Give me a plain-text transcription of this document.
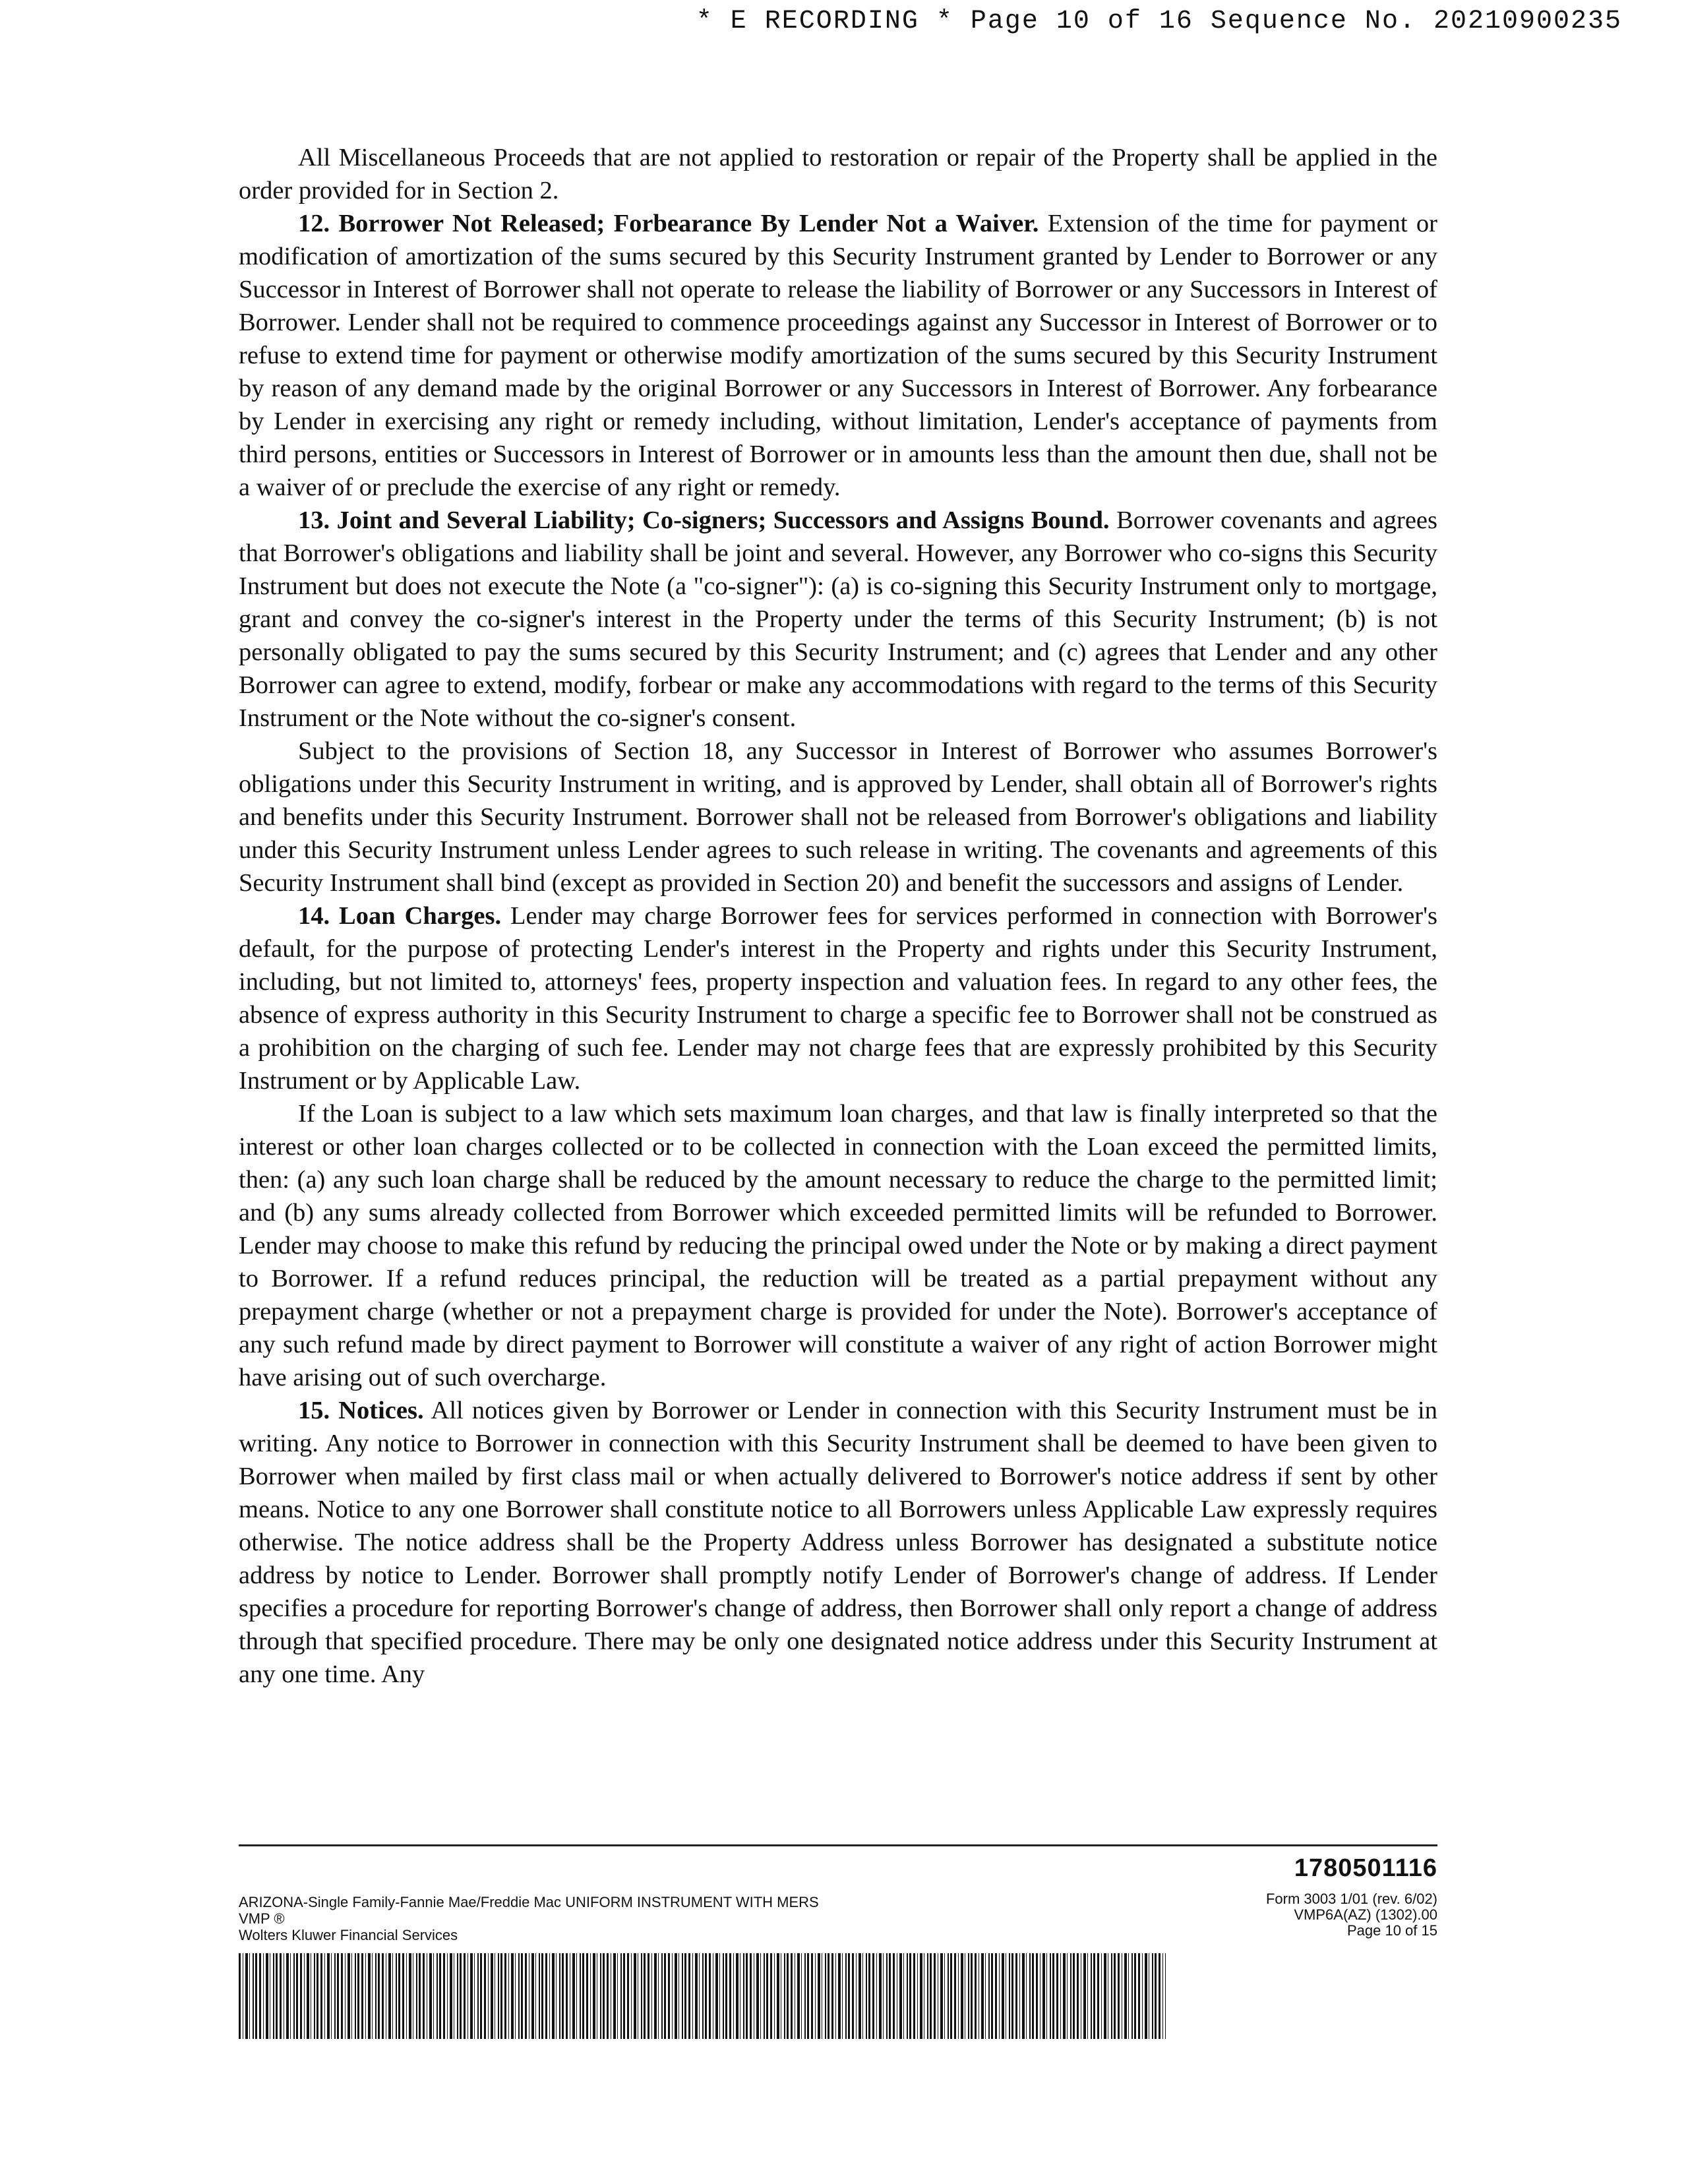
* E RECORDING * Page 10 of 16 Sequence No. 20210900235

All Miscellaneous Proceeds that are not applied to restoration or repair of the Property shall be applied in the order provided for in Section 2.

12. Borrower Not Released; Forbearance By Lender Not a Waiver. Extension of the time for payment or modification of amortization of the sums secured by this Security Instrument granted by Lender to Borrower or any Successor in Interest of Borrower shall not operate to release the liability of Borrower or any Successors in Interest of Borrower. Lender shall not be required to commence proceedings against any Successor in Interest of Borrower or to refuse to extend time for payment or otherwise modify amortization of the sums secured by this Security Instrument by reason of any demand made by the original Borrower or any Successors in Interest of Borrower. Any forbearance by Lender in exercising any right or remedy including, without limitation, Lender's acceptance of payments from third persons, entities or Successors in Interest of Borrower or in amounts less than the amount then due, shall not be a waiver of or preclude the exercise of any right or remedy.

13. Joint and Several Liability; Co-signers; Successors and Assigns Bound. Borrower covenants and agrees that Borrower's obligations and liability shall be joint and several. However, any Borrower who co-signs this Security Instrument but does not execute the Note (a "co-signer"): (a) is co-signing this Security Instrument only to mortgage, grant and convey the co-signer's interest in the Property under the terms of this Security Instrument; (b) is not personally obligated to pay the sums secured by this Security Instrument; and (c) agrees that Lender and any other Borrower can agree to extend, modify, forbear or make any accommodations with regard to the terms of this Security Instrument or the Note without the co-signer's consent.

Subject to the provisions of Section 18, any Successor in Interest of Borrower who assumes Borrower's obligations under this Security Instrument in writing, and is approved by Lender, shall obtain all of Borrower's rights and benefits under this Security Instrument. Borrower shall not be released from Borrower's obligations and liability under this Security Instrument unless Lender agrees to such release in writing. The covenants and agreements of this Security Instrument shall bind (except as provided in Section 20) and benefit the successors and assigns of Lender.

14. Loan Charges. Lender may charge Borrower fees for services performed in connection with Borrower's default, for the purpose of protecting Lender's interest in the Property and rights under this Security Instrument, including, but not limited to, attorneys' fees, property inspection and valuation fees. In regard to any other fees, the absence of express authority in this Security Instrument to charge a specific fee to Borrower shall not be construed as a prohibition on the charging of such fee. Lender may not charge fees that are expressly prohibited by this Security Instrument or by Applicable Law.

If the Loan is subject to a law which sets maximum loan charges, and that law is finally interpreted so that the interest or other loan charges collected or to be collected in connection with the Loan exceed the permitted limits, then: (a) any such loan charge shall be reduced by the amount necessary to reduce the charge to the permitted limit; and (b) any sums already collected from Borrower which exceeded permitted limits will be refunded to Borrower. Lender may choose to make this refund by reducing the principal owed under the Note or by making a direct payment to Borrower. If a refund reduces principal, the reduction will be treated as a partial prepayment without any prepayment charge (whether or not a prepayment charge is provided for under the Note). Borrower's acceptance of any such refund made by direct payment to Borrower will constitute a waiver of any right of action Borrower might have arising out of such overcharge.

15. Notices. All notices given by Borrower or Lender in connection with this Security Instrument must be in writing. Any notice to Borrower in connection with this Security Instrument shall be deemed to have been given to Borrower when mailed by first class mail or when actually delivered to Borrower's notice address if sent by other means. Notice to any one Borrower shall constitute notice to all Borrowers unless Applicable Law expressly requires otherwise. The notice address shall be the Property Address unless Borrower has designated a substitute notice address by notice to Lender. Borrower shall promptly notify Lender of Borrower's change of address. If Lender specifies a procedure for reporting Borrower's change of address, then Borrower shall only report a change of address through that specified procedure. There may be only one designated notice address under this Security Instrument at any one time. Any

1780501116
ARIZONA-Single Family-Fannie Mae/Freddie Mac UNIFORM INSTRUMENT WITH MERS
VMP ®
Wolters Kluwer Financial Services
Form 3003 1/01 (rev. 6/02)
VMP6A(AZ) (1302).00
Page 10 of 15
